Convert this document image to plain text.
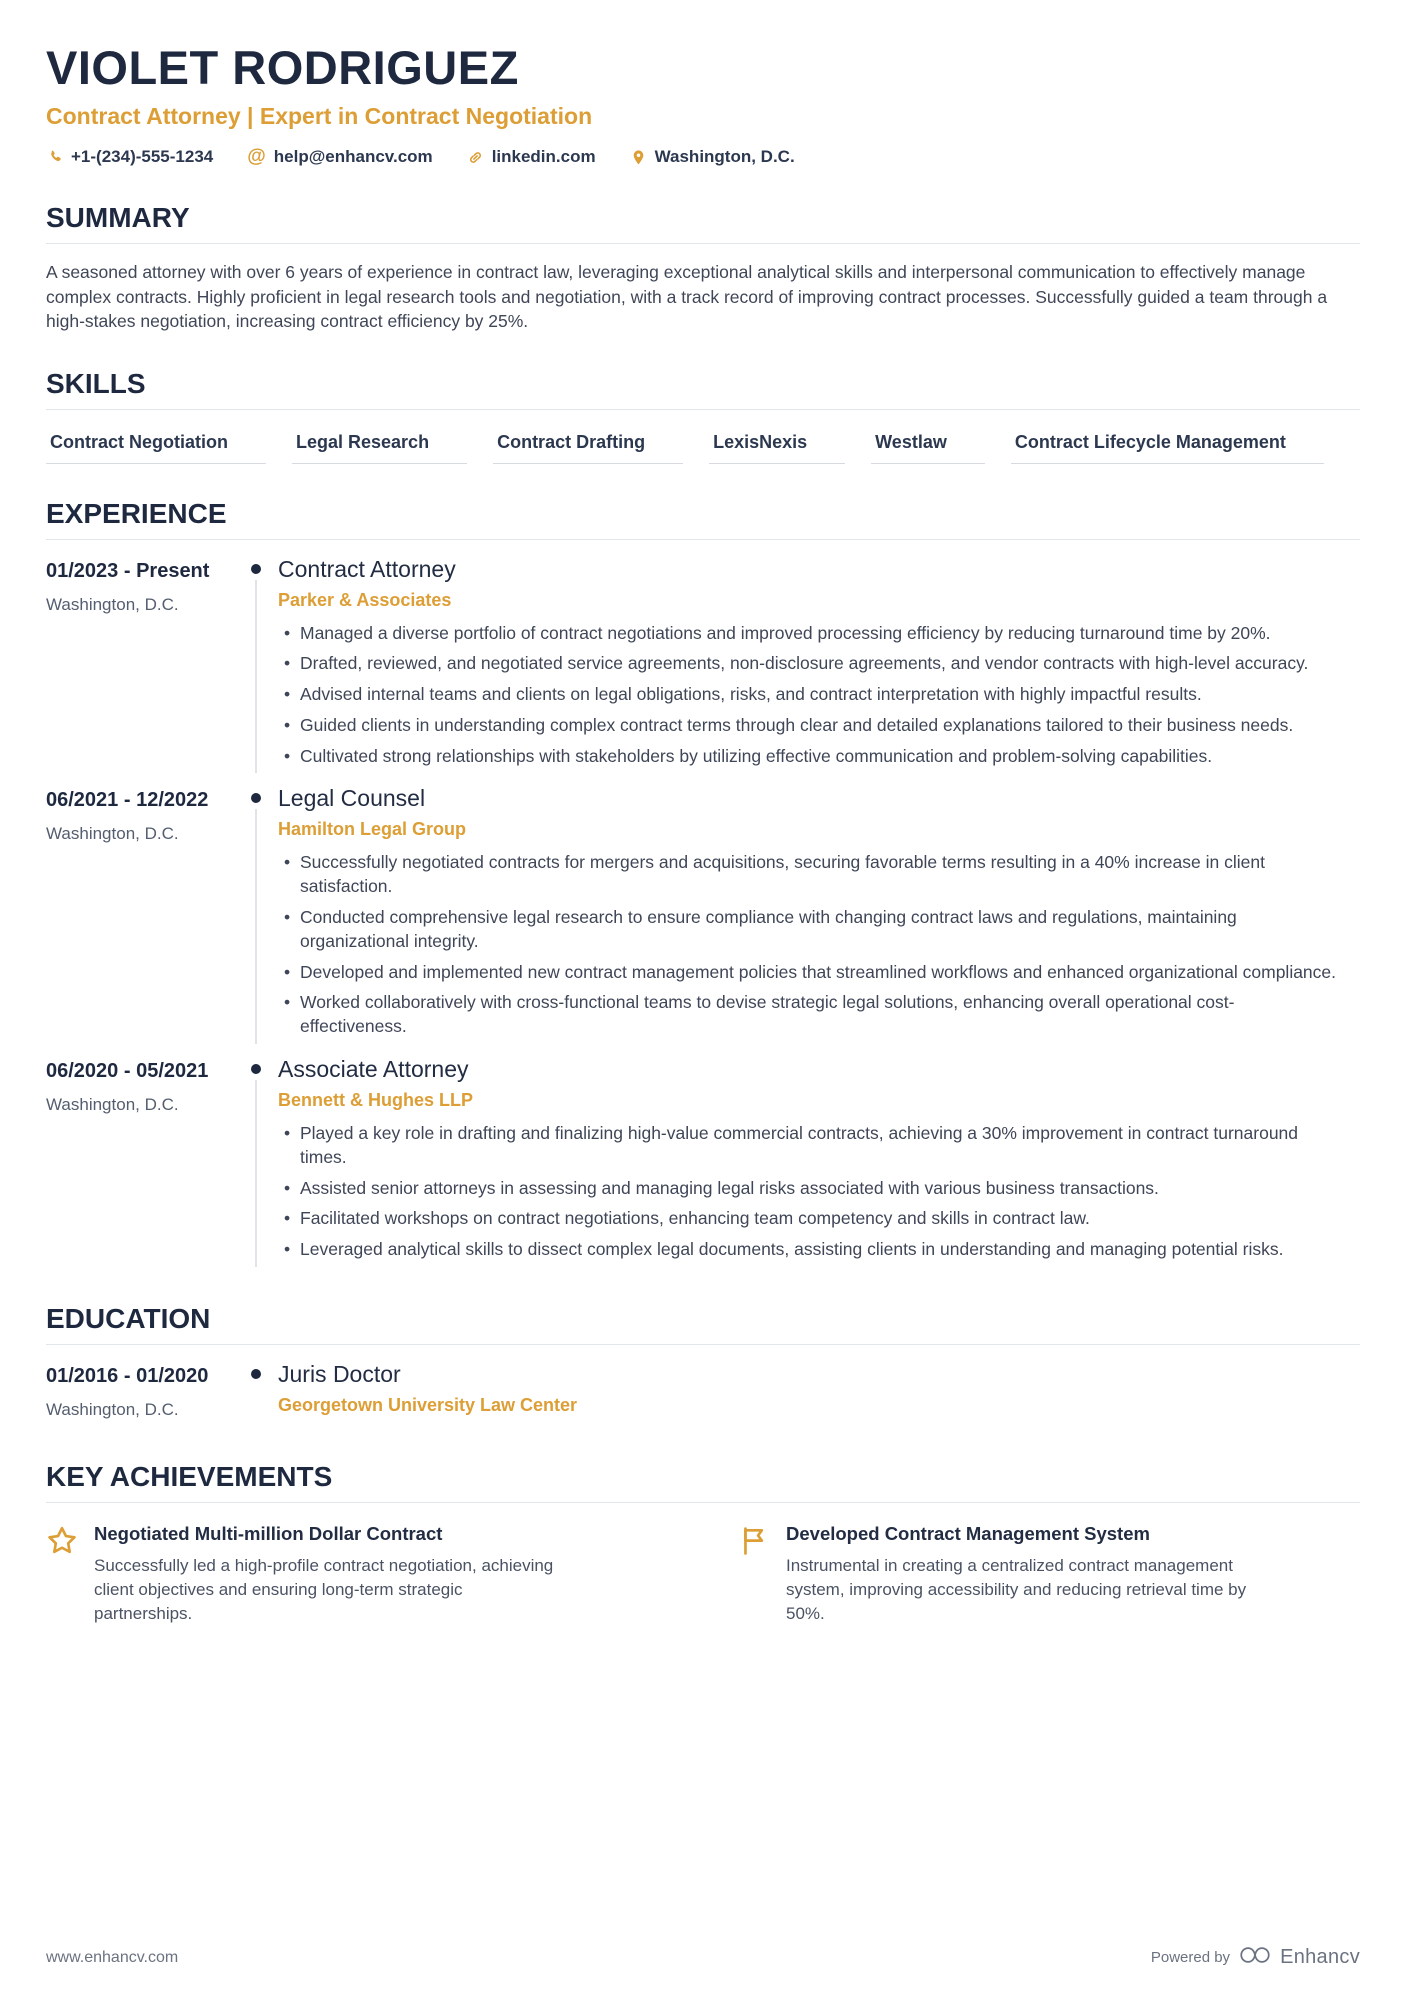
VIOLET RODRIGUEZ
Contract Attorney | Expert in Contract Negotiation
+1-(234)-555-1234 @ help@enhancv.com	linkedin.com	Washington, D.C.
SUMMARY
A seasoned attorney with over 6 years of experience in contract law, leveraging exceptional analytical skills and interpersonal communication to effectively manage complex contracts. Highly proficient in legal research tools and negotiation, with a track record of improving contract processes. Successfully guided a team through a high-stakes negotiation, increasing contract efficiency by 25%.
SKILLS
Contract Negotiation	Legal Research	Contract Drafting	LexisNexis	Westlaw	Contract Lifecycle Management
EXPERIENCE
01/2023 - Present
Washington, D.C.
Contract Attorney
Parker & Associates
• Managed a diverse portfolio of contract negotiations and improved processing efficiency by reducing turnaround time by 20%.
• Drafted, reviewed, and negotiated service agreements, non-disclosure agreements, and vendor contracts with high-level accuracy.
• Advised internal teams and clients on legal obligations, risks, and contract interpretation with highly impactful results.
• Guided clients in understanding complex contract terms through clear and detailed explanations tailored to their business needs.
• Cultivated strong relationships with stakeholders by utilizing effective communication and problem-solving capabilities.
06/2021 - 12/2022
Washington, D.C.
Legal Counsel
Hamilton Legal Group
• Successfully negotiated contracts for mergers and acquisitions, securing favorable terms resulting in a 40% increase in client satisfaction.
• Conducted comprehensive legal research to ensure compliance with changing contract laws and regulations, maintaining organizational integrity.
• Developed and implemented new contract management policies that streamlined workflows and enhanced organizational compliance.
• Worked collaboratively with cross-functional teams to devise strategic legal solutions, enhancing overall operational cost-effectiveness.
06/2020 - 05/2021
Washington, D.C.
Associate Attorney
Bennett & Hughes LLP
• Played a key role in drafting and finalizing high-value commercial contracts, achieving a 30% improvement in contract turnaround times.
• Assisted senior attorneys in assessing and managing legal risks associated with various business transactions.
• Facilitated workshops on contract negotiations, enhancing team competency and skills in contract law.
• Leveraged analytical skills to dissect complex legal documents, assisting clients in understanding and managing potential risks.
EDUCATION
01/2016 - 01/2020
Washington, D.C.
Juris Doctor
Georgetown University Law Center
KEY ACHIEVEMENTS
Negotiated Multi-million Dollar Contract
Successfully led a high-profile contract negotiation, achieving client objectives and ensuring long-term strategic partnerships.
Developed Contract Management System
Instrumental in creating a centralized contract management system, improving accessibility and reducing retrieval time by 50%.
www.enhancv.com	Powered by	Enhancv
